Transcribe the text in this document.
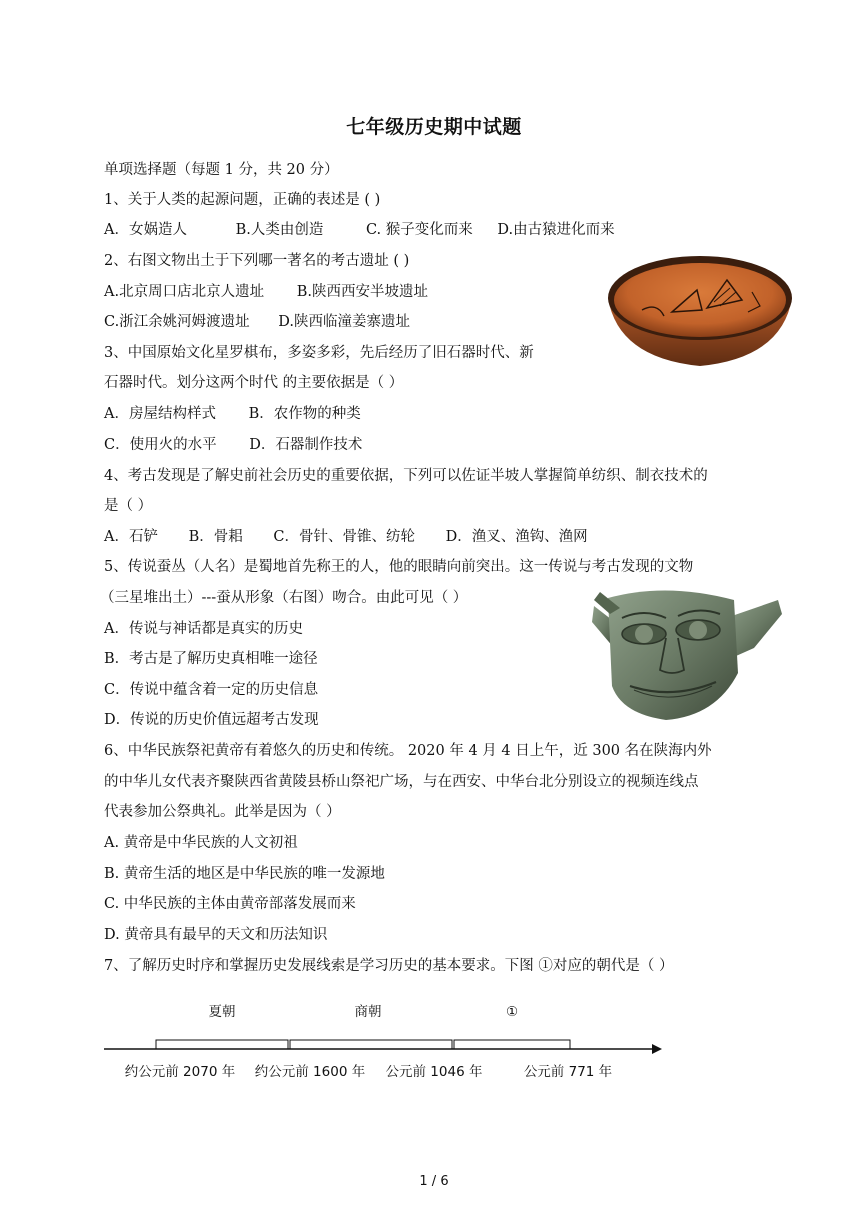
七年级历史期中试题
单项选择题（每题 1 分，共 20 分）
1、关于人类的起源问题，正确的表述是 ( )
A．女娲造人	B.人类由创造	C. 猴子变化而来 D.由古猿进化而来
2、右图文物出土于下列哪一著名的考古遗址 ( )
A.北京周口店北京人遗址 B.陕西西安半坡遗址
C.浙江余姚河姆渡遗址 D.陕西临潼姜寨遗址
3、中国原始文化星罗棋布，多姿多彩，先后经历了旧石器时代、新
石器时代。划分这两个时代 的主要依据是（ ）
A．房屋结构样式 B．农作物的种类
C．使用火的水平 D．石器制作技术
4、考古发现是了解史前社会历史的重要依据，下列可以佐证半坡人掌握简单纺织、制衣技术的
是（ ）
A．石铲 B．骨耜 C．骨针、骨锥、纺轮 D．渔叉、渔钩、渔网
5、传说蚕丛（人名）是蜀地首先称王的人，他的眼睛向前突出。这一传说与考古发现的文物
（三星堆出土）---蚕从形象（右图）吻合。由此可见（ ）
A．传说与神话都是真实的历史
B．考古是了解历史真相唯一途径
C．传说中蕴含着一定的历史信息
D．传说的历史价值远超考古发现
6、中华民族祭祀黄帝有着悠久的历史和传统。 2020 年 4 月 4 日上午，近 300 名在陕海内外
的中华儿女代表齐聚陕西省黄陵县桥山祭祀广场，与在西安、中华台北分别设立的视频连线点
代表参加公祭典礼。此举是因为（ ）
A. 黄帝是中华民族的人文初祖
B. 黄帝生活的地区是中华民族的唯一发源地
C. 中华民族的主体由黄帝部落发展而来
D. 黄帝具有最早的天文和历法知识
7、了解历史时序和掌握历史发展线索是学习历史的基本要求。下图 ①对应的朝代是（ ）
夏朝	商朝	①
约公元前 2070 年 约公元前 1600 年 公元前 1046 年	公元前 771 年
1 / 6
